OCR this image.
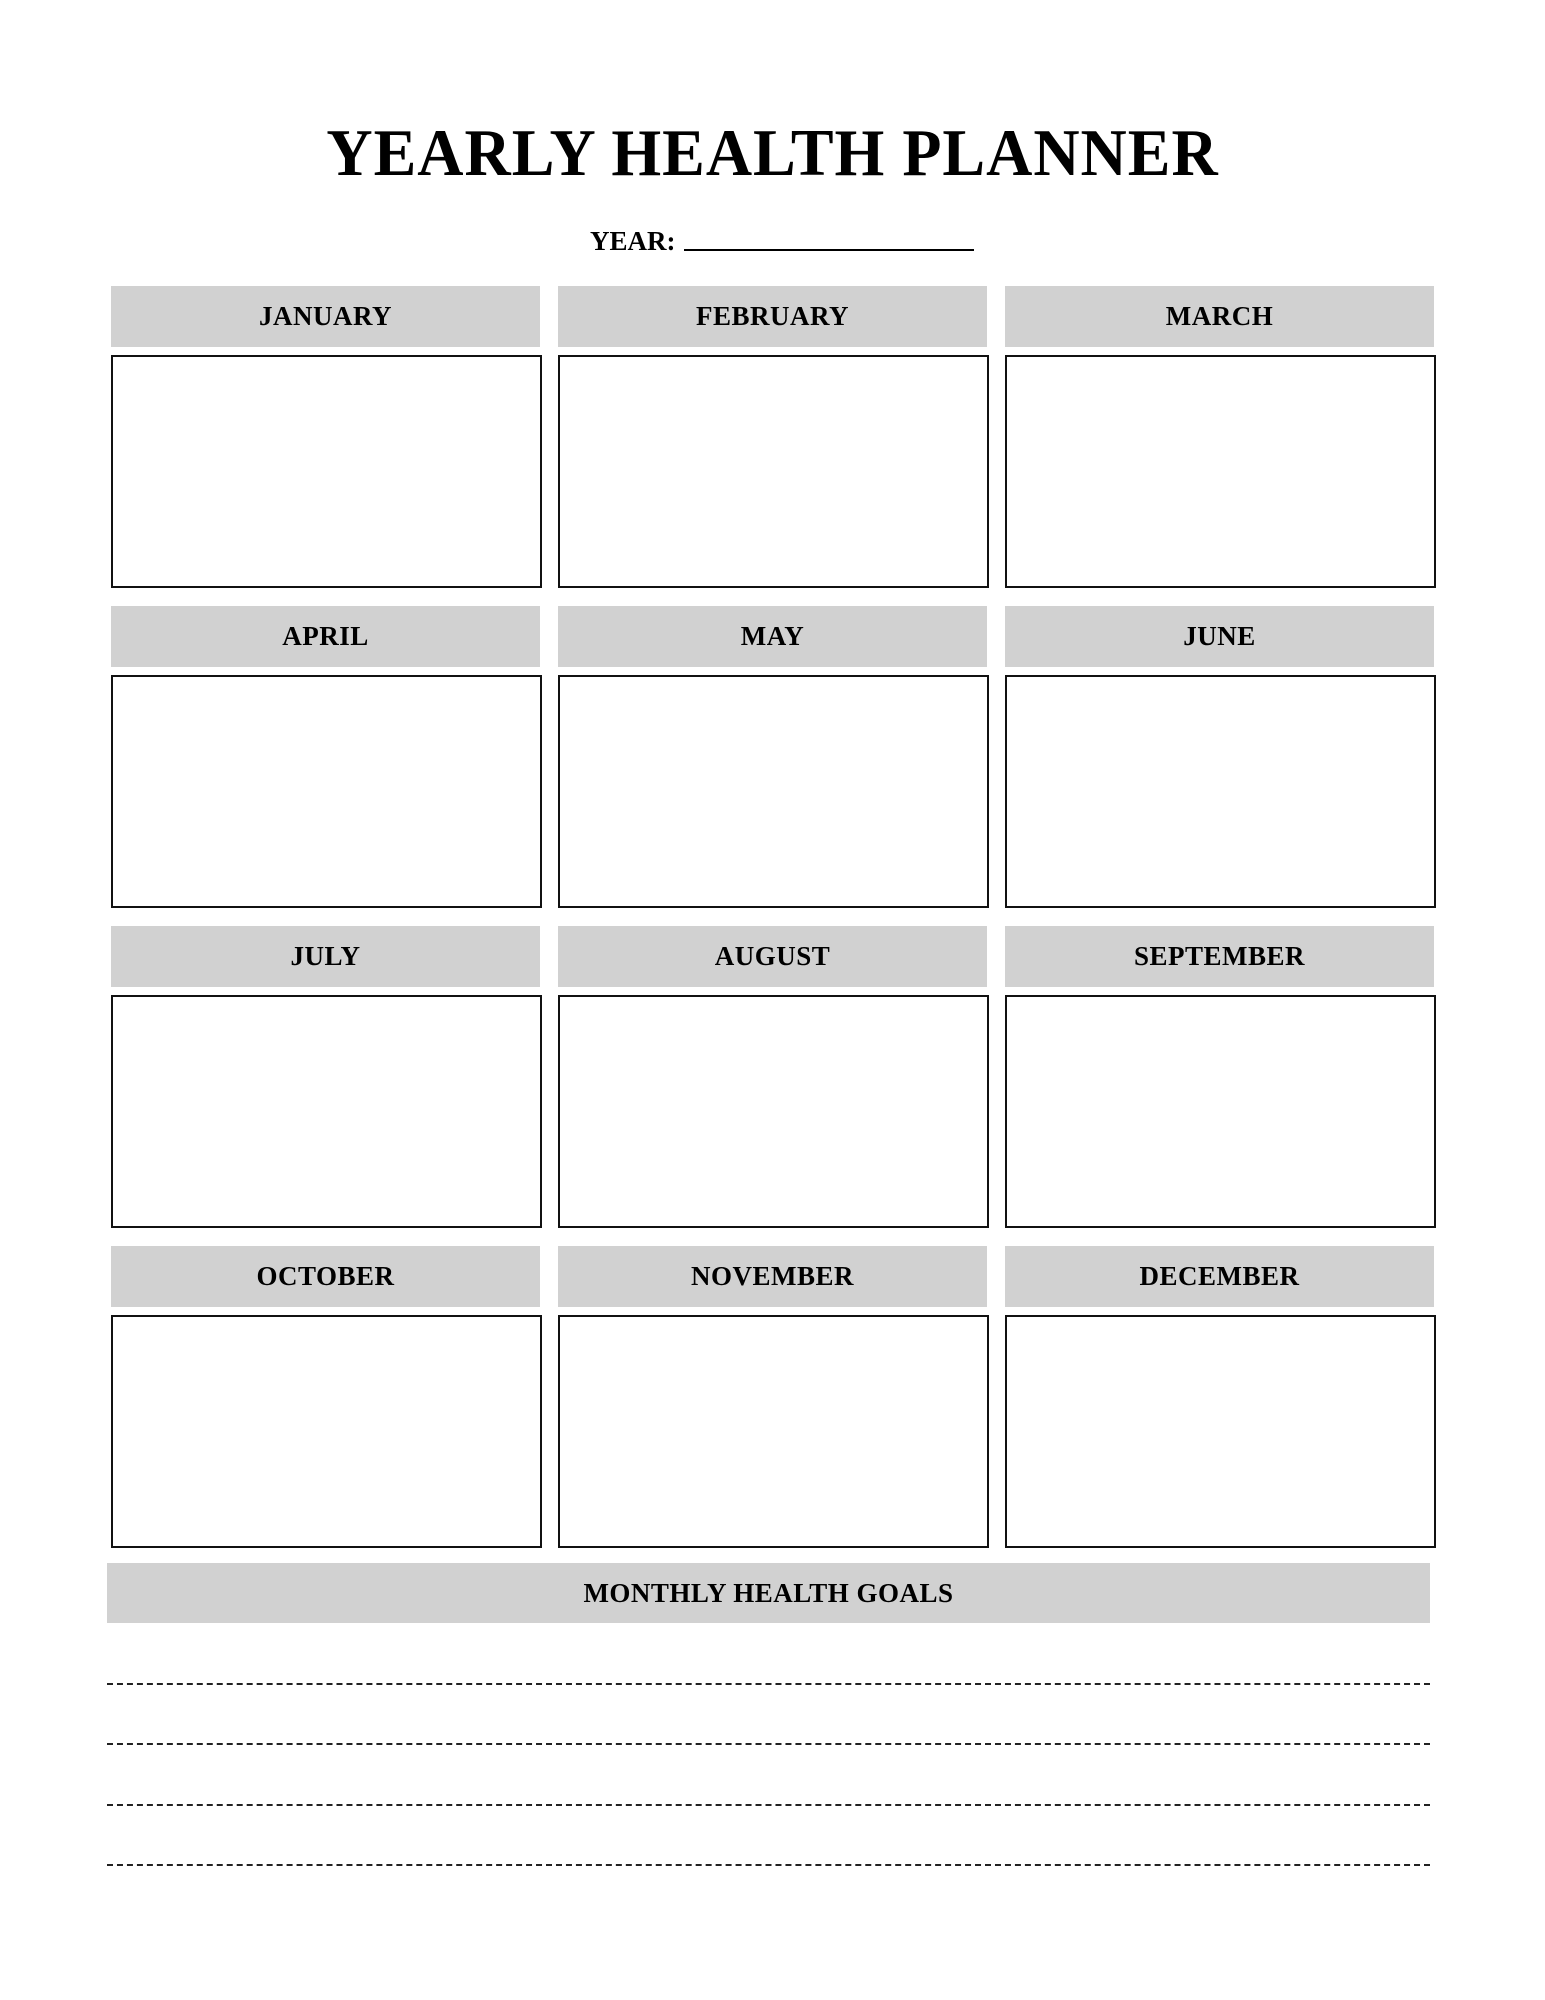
YEARLY HEALTH PLANNER
YEAR:
JANUARY	FEBRUARY	MARCH
APRIL	MAY	JUNE
JULY	AUGUST	SEPTEMBER
OCTOBER	NOVEMBER	DECEMBER
MONTHLY HEALTH GOALS
